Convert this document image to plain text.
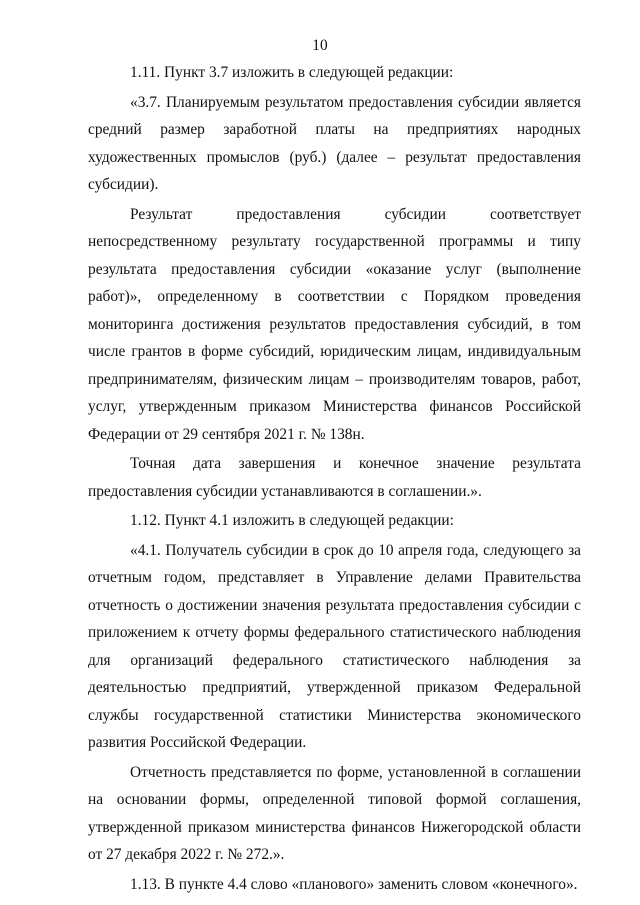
10

1.11. Пункт 3.7 изложить в следующей редакции:

«3.7. Планируемым результатом предоставления субсидии является средний размер заработной платы на предприятиях народных художественных промыслов (руб.) (далее – результат предоставления субсидии).

Результат предоставления субсидии соответствует непосредственному результату государственной программы и типу результата предоставления субсидии «оказание услуг (выполнение работ)», определенному в соответствии с Порядком проведения мониторинга достижения результатов предоставления субсидий, в том числе грантов в форме субсидий, юридическим лицам, индивидуальным предпринимателям, физическим лицам – производителям товаров, работ, услуг, утвержденным приказом Министерства финансов Российской Федерации от 29 сентября 2021 г. № 138н.

Точная дата завершения и конечное значение результата предоставления субсидии устанавливаются в соглашении.».

1.12. Пункт 4.1 изложить в следующей редакции:

«4.1. Получатель субсидии в срок до 10 апреля года, следующего за отчетным годом, представляет в Управление делами Правительства отчетность о достижении значения результата предоставления субсидии с приложением к отчету формы федерального статистического наблюдения для организаций федерального статистического наблюдения за деятельностью предприятий, утвержденной приказом Федеральной службы государственной статистики Министерства экономического развития Российской Федерации.

Отчетность представляется по форме, установленной в соглашении на основании формы, определенной типовой формой соглашения, утвержденной приказом министерства финансов Нижегородской области от 27 декабря 2022 г. № 272.».

1.13. В пункте 4.4 слово «планового» заменить словом «конечного».
